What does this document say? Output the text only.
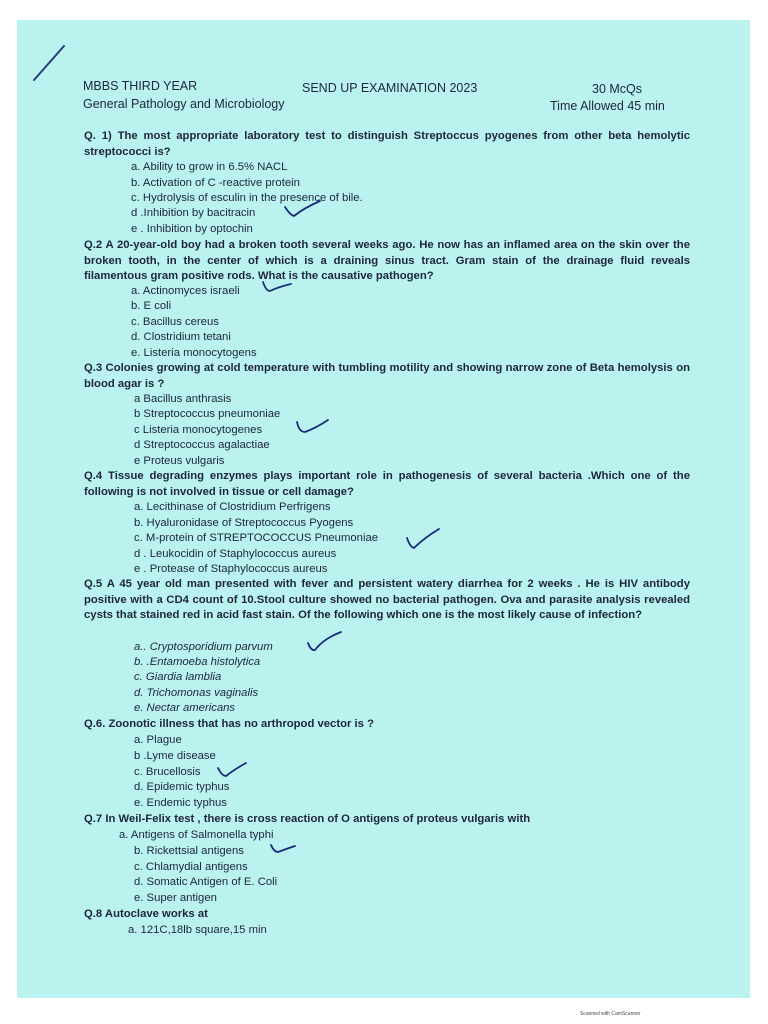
MBBS THIRD YEAR
General Pathology and Microbiology
SEND UP EXAMINATION 2023	30 McQs
Time Allowed 45 min
Q. 1) The most appropriate laboratory test to distinguish Streptoccus pyogenes from other beta hemolytic streptococci is?
a. Ability to grow in 6.5% NACL
b. Activation of C -reactive protein
c. Hydrolysis of esculin in the presence of bile.
d .Inhibition by bacitracin
e . Inhibition by optochin
Q.2 A 20-year-old boy had a broken tooth several weeks ago. He now has an inflamed area on the skin over the broken tooth, in the center of which is a draining sinus tract. Gram stain of the drainage fluid reveals filamentous gram positive rods. What is the causative pathogen?
a. Actinomyces israeli
b. E coli
c. Bacillus cereus
d. Clostridium tetani
e. Listeria monocytogens
Q.3 Colonies growing at cold temperature with tumbling motility and showing narrow zone of Beta hemolysis on blood agar is ?
a Bacillus anthrasis
b Streptococcus pneumoniae
c Listeria monocytogenes
d Streptococcus agalactiae
e Proteus vulgaris
Q.4 Tissue degrading enzymes plays important role in pathogenesis of several bacteria .Which one of the following is not involved in tissue or cell damage?
a. Lecithinase of Clostridium Perfrigens
b. Hyaluronidase of Streptococcus Pyogens
c. M-protein of STREPTOCOCCUS Pneumoniae
d . Leukocidin of Staphylococcus aureus
e . Protease of Staphylococcus aureus
Q.5 A 45 year old man presented with fever and persistent watery diarrhea for 2 weeks . He is HIV antibody positive with a CD4 count of 10.Stool culture showed no bacterial pathogen. Ova and parasite analysis revealed cysts that stained red in acid fast stain. Of the following which one is the most likely cause of infection?
a.. Cryptosporidium parvum
b. .Entamoeba histolytica
c. Giardia lamblia
d. Trichomonas vaginalis
e. Nectar americans
Q.6. Zoonotic illness that has no arthropod vector is ?
a. Plague
b .Lyme disease
c. Brucellosis
d. Epidemic typhus
e. Endemic typhus
Q.7 In Weil-Felix test , there is cross reaction of O antigens of proteus vulgaris with
a. Antigens of Salmonella typhi
b. Rickettsial antigens
c. Chlamydial antigens
d. Somatic Antigen of E. Coli
e. Super antigen
Q.8 Autoclave works at
a. 121C,18lb square,15 min
Scanned with CamScanner
